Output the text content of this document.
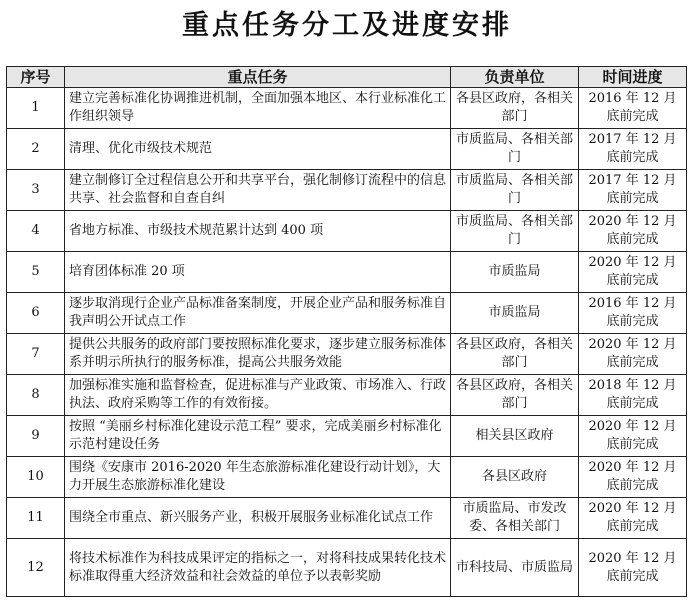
重点任务分工及进度安排
序号	重点任务	负责单位	时间进度
1	建立完善标准化协调推进机制，全面加强本地区、本行业标准化工作组织领导	各县区政府，各相关部门	2016 年 12 月底前完成
2	清理、优化市级技术规范	市质监局、各相关部门	2017 年 12 月底前完成
3	建立制修订全过程信息公开和共享平台，强化制修订流程中的信息共享、社会监督和自查自纠	市质监局、各相关部门	2017 年 12 月底前完成
4	省地方标准、市级技术规范累计达到 400 项	市质监局、各相关部门	2020 年 12 月底前完成
5	培育团体标准 20 项	市质监局	2020 年 12 月底前完成
6	逐步取消现行企业产品标准备案制度，开展企业产品和服务标准自我声明公开试点工作	市质监局	2016 年 12 月底前完成
7	提供公共服务的政府部门要按照标准化要求，逐步建立服务标准体系并明示所执行的服务标准，提高公共服务效能	各县区政府，各相关部门	2020 年 12 月底前完成
8	加强标准实施和监督检查，促进标准与产业政策、市场准入、行政执法、政府采购等工作的有效衔接。	各县区政府，各相关部门	2018 年 12 月底前完成
9	按照 “美丽乡村标准化建设示范工程” 要求，完成美丽乡村标准化示范村建设任务	相关县区政府	2020 年 12 月底前完成
10	围绕《安康市 2016-2020 年生态旅游标准化建设行动计划》，大力开展生态旅游标准化建设	各县区政府	2020 年 12 月底前完成
11	围绕全市重点、新兴服务产业，积极开展服务业标准化试点工作	市质监局、市发改委、各相关部门	2020 年 12 月底前完成
12	将技术标准作为科技成果评定的指标之一，对将科技成果转化技术标准取得重大经济效益和社会效益的单位予以表彰奖励	市科技局、市质监局	2020 年 12 月底前完成
